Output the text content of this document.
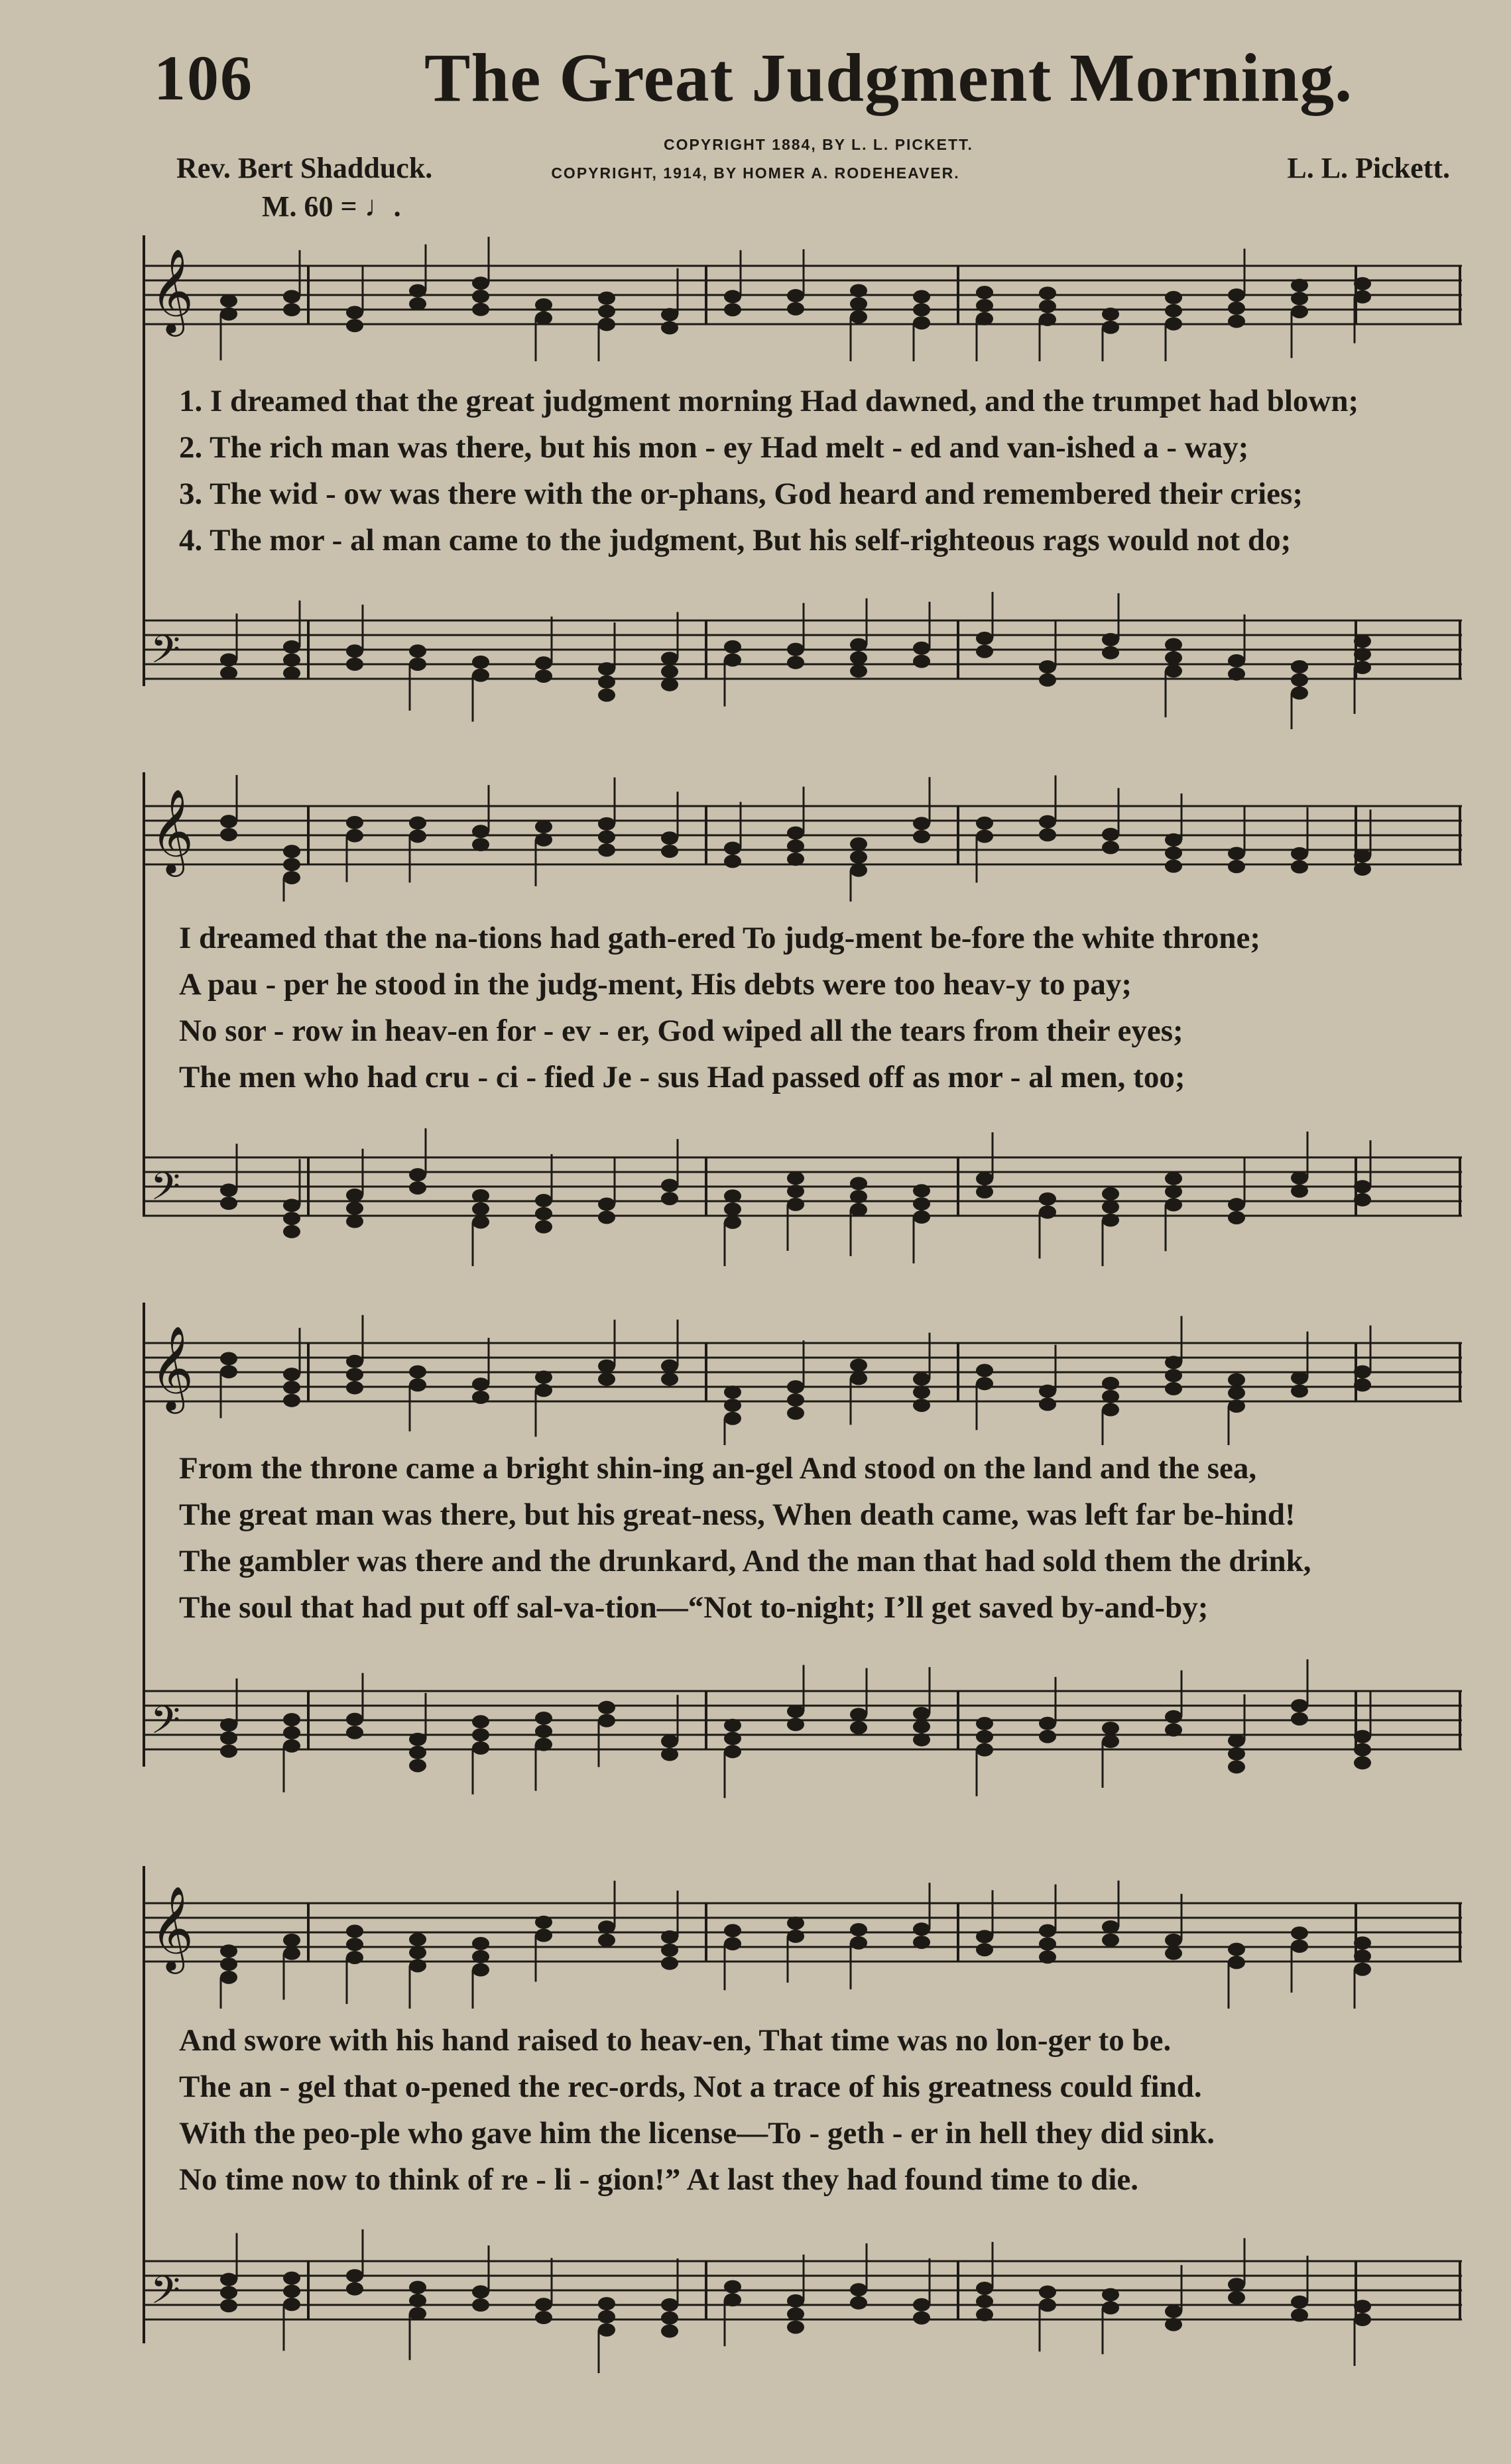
106 The Great Judgment Morning.
COPYRIGHT 1884, BY L. L. PICKETT.
Rev. Bert Shadduck.	COPYRIGHT, 1914, BY HOMER A. RODEHEAVER.	L. L. Pickett.
M. 60 = ♩.
𝄞
1. I dreamed that the great judgment morning Had dawned, and the trumpet had blown;
2. The rich man was there, but his mon - ey Had melt - ed and van-ished a - way;
3. The wid - ow was there with the or-phans, God heard and remembered their cries;
4. The mor - al man came to the judgment, But his self-righteous rags would not do;
𝄢
𝄞
I dreamed that the na-tions had gath-ered To judg-ment be-fore the white throne;
A pau - per he stood in the judg-ment, His debts were too heav-y to pay;
No sor - row in heav-en for - ev - er, God wiped all the tears from their eyes;
The men who had cru - ci - fied Je - sus Had passed off as mor - al men, too;
𝄢
𝄞
From the throne came a bright shin-ing an-gel And stood on the land and the sea,
The great man was there, but his great-ness, When death came, was left far be-hind!
The gambler was there and the drunkard, And the man that had sold them the drink,
The soul that had put off sal-va-tion—“Not to-night; I’ll get saved by-and-by;
𝄢
𝄞
And swore with his hand raised to heav-en, That time was no lon-ger to be.
The an - gel that o-pened the rec-ords, Not a trace of his greatness could find.
With the peo-ple who gave him the license—To - geth - er in hell they did sink.
No time now to think of re - li - gion!” At last they had found time to die.
𝄢
